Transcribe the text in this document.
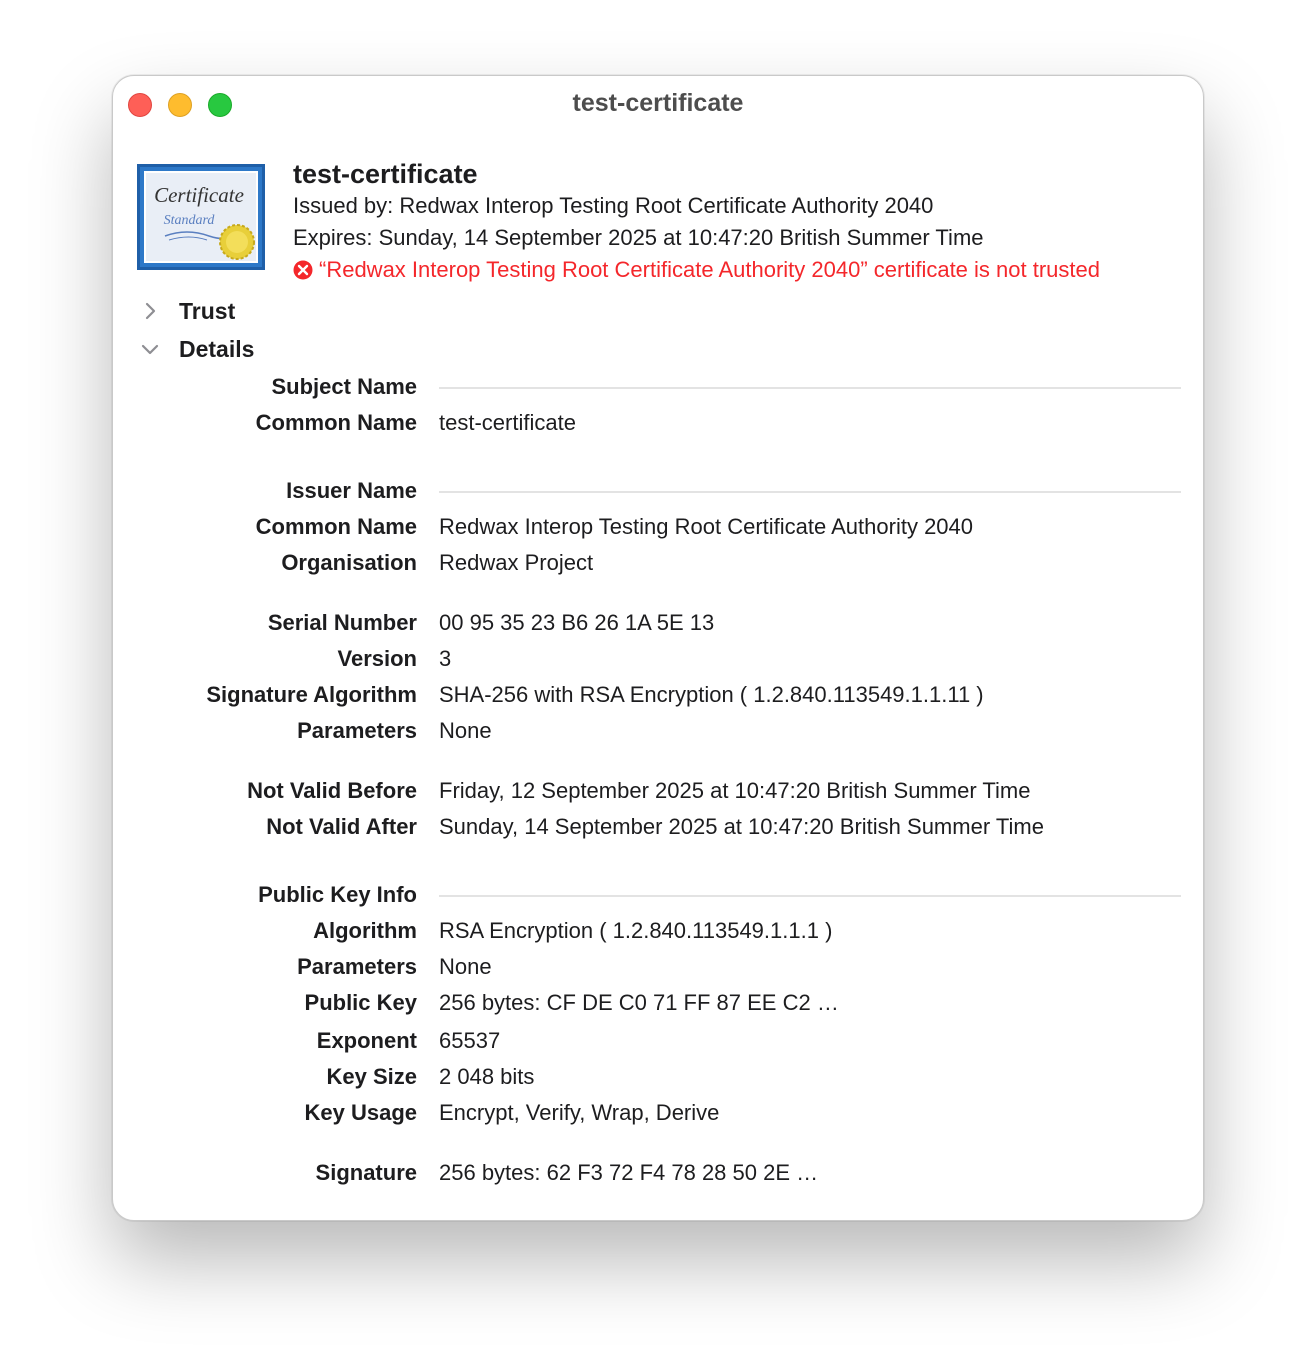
test-certificate
Certificate
Standard
test-certificate
Issued by: Redwax Interop Testing Root Certificate Authority 2040
Expires: Sunday, 14 September 2025 at 10:47:20 British Summer Time
“Redwax Interop Testing Root Certificate Authority 2040” certificate is not trusted
Trust
Details
Subject Name
Common Name test-certificate
Issuer Name
Common Name Redwax Interop Testing Root Certificate Authority 2040
Organisation Redwax Project
Serial Number 00 95 35 23 B6 26 1A 5E 13
Version 3
Signature Algorithm SHA-256 with RSA Encryption ( 1.2.840.113549.1.1.11 )
Parameters None
Not Valid Before Friday, 12 September 2025 at 10:47:20 British Summer Time
Not Valid After Sunday, 14 September 2025 at 10:47:20 British Summer Time
Public Key Info
Algorithm RSA Encryption ( 1.2.840.113549.1.1.1 )
Parameters None
Public Key 256 bytes: CF DE C0 71 FF 87 EE C2 …
Exponent 65537
Key Size 2 048 bits
Key Usage Encrypt, Verify, Wrap, Derive
Signature 256 bytes: 62 F3 72 F4 78 28 50 2E …
